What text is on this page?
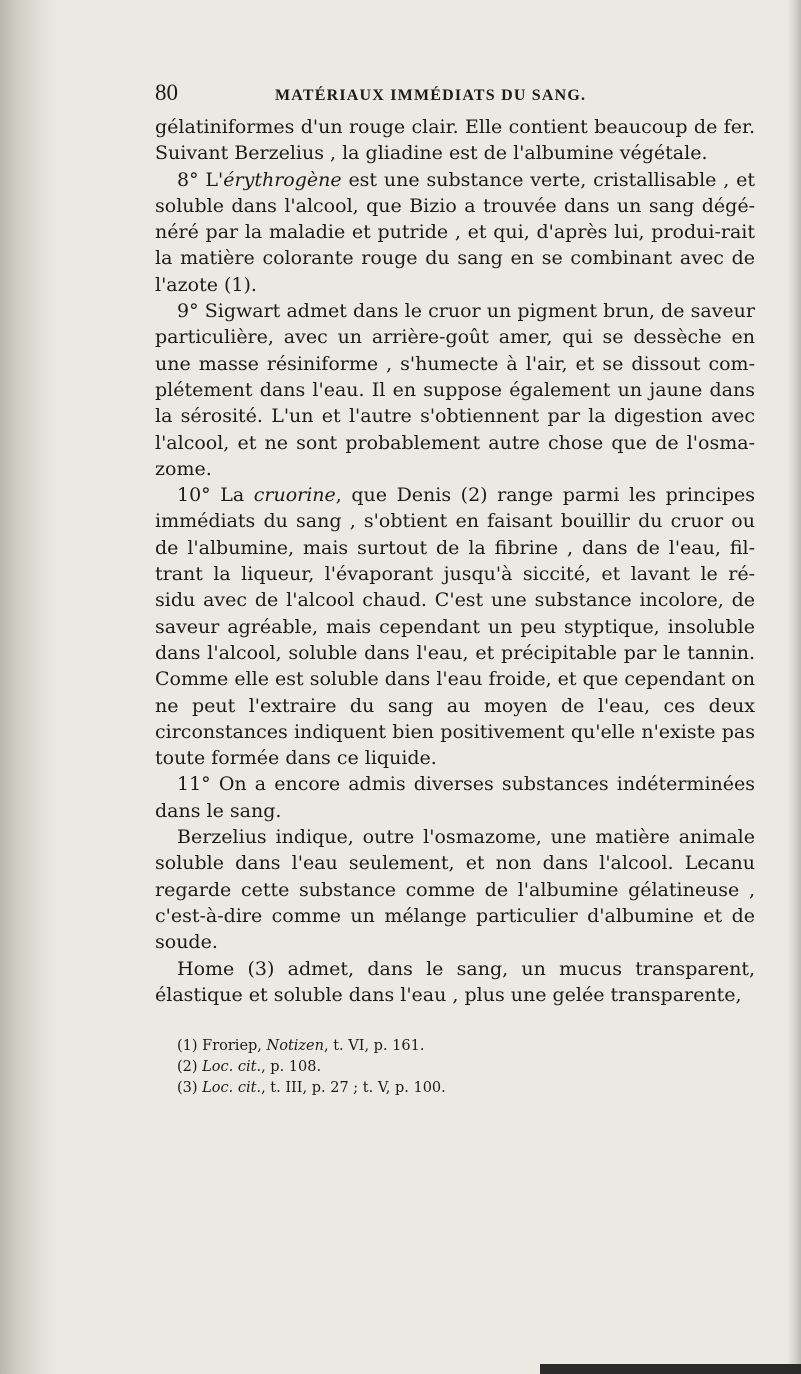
80	MATÉRIAUX IMMÉDIATS DU SANG.

gélatiniformes d'un rouge clair. Elle contient beaucoup de fer. Suivant Berzelius , la gliadine est de l'albumine végétale.

8° L'érythrogène est une substance verte, cristallisable , et soluble dans l'alcool, que Bizio a trouvée dans un sang dégé-néré par la maladie et putride , et qui, d'après lui, produi-rait la matière colorante rouge du sang en se combinant avec de l'azote (1).

9° Sigwart admet dans le cruor un pigment brun, de saveur particulière, avec un arrière-goût amer, qui se dessèche en une masse résiniforme , s'humecte à l'air, et se dissout com-plétement dans l'eau. Il en suppose également un jaune dans la sérosité. L'un et l'autre s'obtiennent par la digestion avec l'alcool, et ne sont probablement autre chose que de l'osma-zome.

10° La cruorine, que Denis (2) range parmi les principes immédiats du sang , s'obtient en faisant bouillir du cruor ou de l'albumine, mais surtout de la fibrine , dans de l'eau, fil-trant la liqueur, l'évaporant jusqu'à siccité, et lavant le ré-sidu avec de l'alcool chaud. C'est une substance incolore, de saveur agréable, mais cependant un peu styptique, insoluble dans l'alcool, soluble dans l'eau, et précipitable par le tannin. Comme elle est soluble dans l'eau froide, et que cependant on ne peut l'extraire du sang au moyen de l'eau, ces deux circonstances indiquent bien positivement qu'elle n'existe pas toute formée dans ce liquide.

11° On a encore admis diverses substances indéterminées dans le sang.

Berzelius indique, outre l'osmazome, une matière animale soluble dans l'eau seulement, et non dans l'alcool. Lecanu regarde cette substance comme de l'albumine gélatineuse , c'est-à-dire comme un mélange particulier d'albumine et de soude.

Home (3) admet, dans le sang, un mucus transparent, élastique et soluble dans l'eau , plus une gelée transparente,

(1) Froriep, Notizen, t. VI, p. 161.
(2) Loc. cit., p. 108.
(3) Loc. cit., t. III, p. 27 ; t. V, p. 100.
